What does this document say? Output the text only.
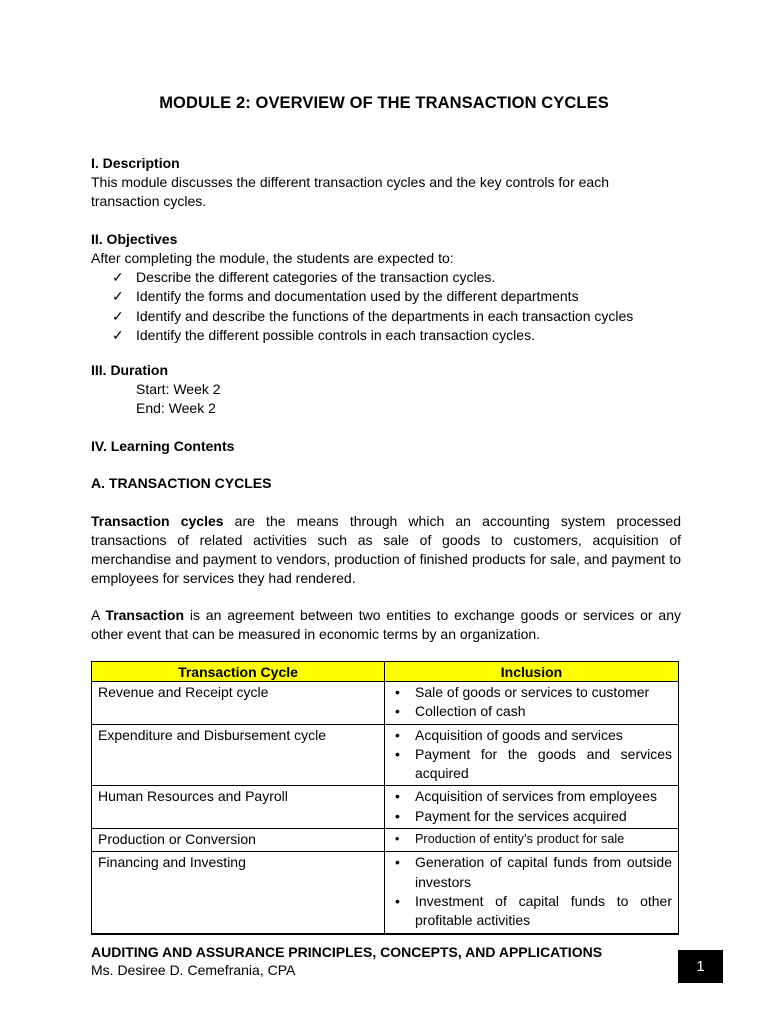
MODULE 2: OVERVIEW OF THE TRANSACTION CYCLES
I. Description
This module discusses the different transaction cycles and the key controls for each transaction cycles.
II. Objectives
After completing the module, the students are expected to:
✓ Describe the different categories of the transaction cycles.
✓ Identify the forms and documentation used by the different departments
✓ Identify and describe the functions of the departments in each transaction cycles
✓ Identify the different possible controls in each transaction cycles.
III. Duration
Start: Week 2
End: Week 2
IV. Learning Contents
A. TRANSACTION CYCLES
Transaction cycles are the means through which an accounting system processed transactions of related activities such as sale of goods to customers, acquisition of merchandise and payment to vendors, production of finished products for sale, and payment to employees for services they had rendered.
A Transaction is an agreement between two entities to exchange goods or services or any other event that can be measured in economic terms by an organization.
Transaction Cycle	Inclusion
Revenue and Receipt cycle	• Sale of goods or services to customer
• Collection of cash

Expenditure and Disbursement cycle	• Acquisition of goods and services
• Payment for the goods and services acquired

Human Resources and Payroll	• Acquisition of services from employees
• Payment for the services acquired

Production or Conversion	• Production of entity’s product for sale

Financing and Investing	• Generation of capital funds from outside investors
• Investment of capital funds to other profitable activities
AUDITING AND ASSURANCE PRINCIPLES, CONCEPTS, AND APPLICATIONS
Ms. Desiree D. Cemefrania, CPA	1
